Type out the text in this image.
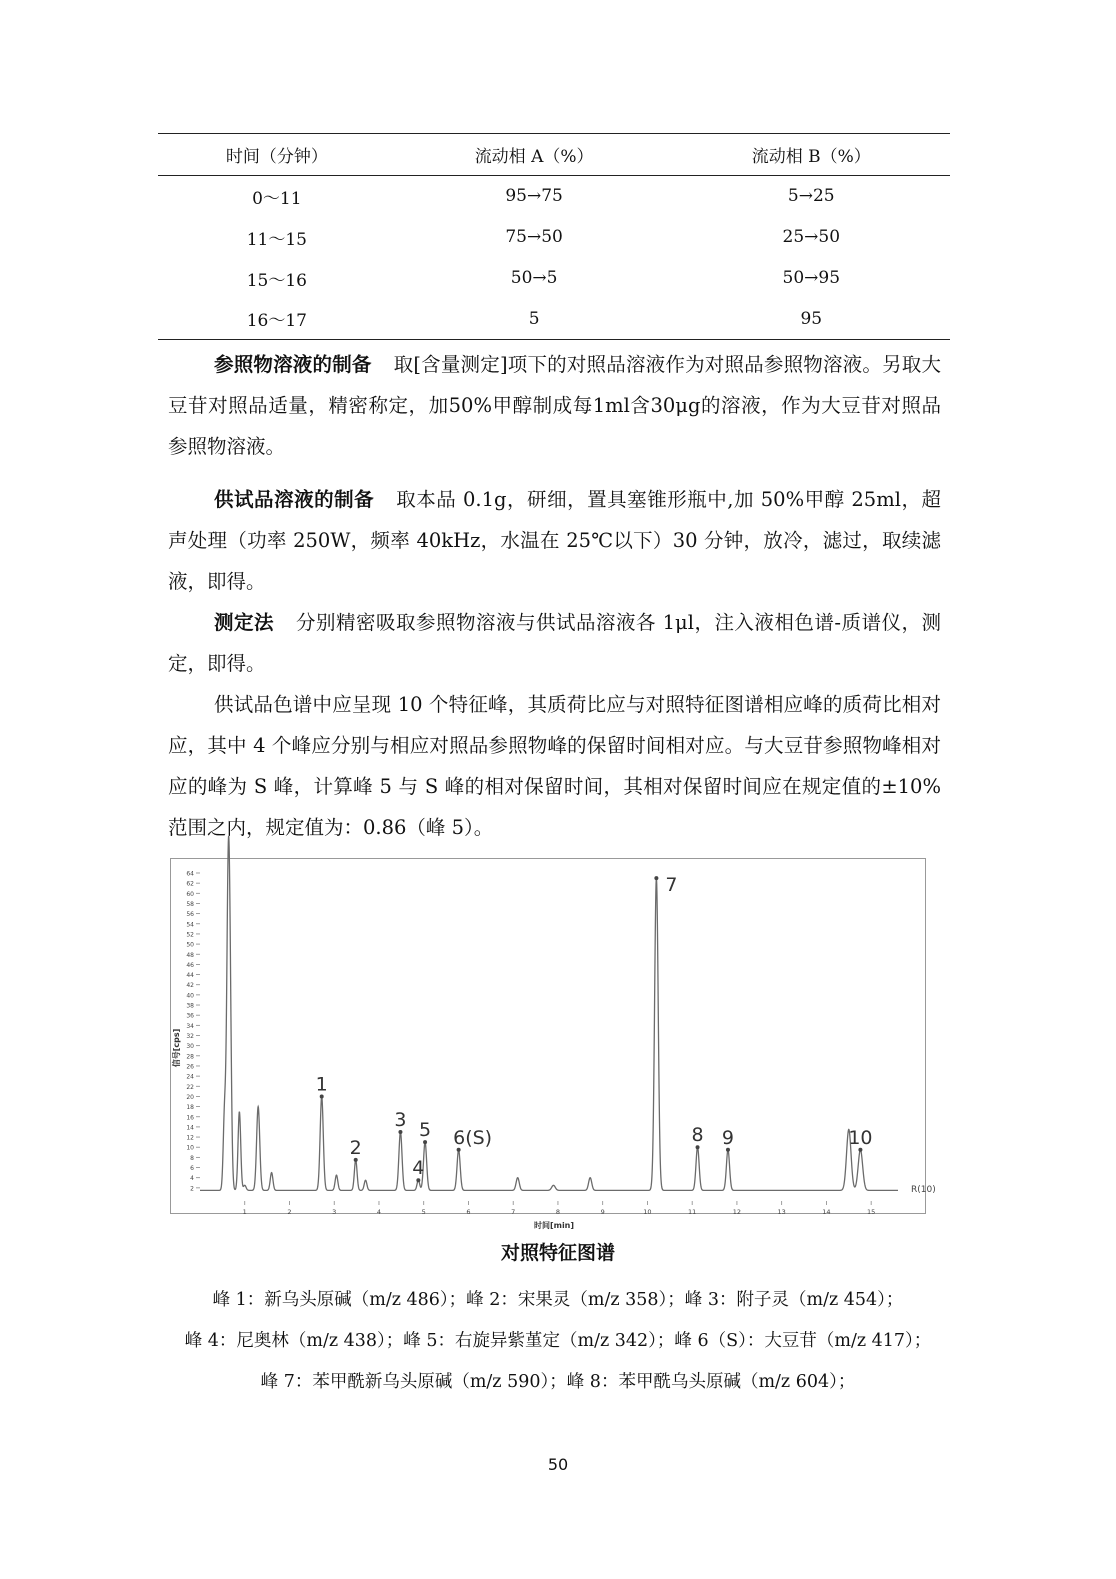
时间（分钟）	流动相 A（%）	流动相 B（%）
0～11	95→75	5→25
11～15	75→50	25→50
15～16	50→5	50→95
16～17	5	95

参照物溶液的制备 取[含量测定]项下的对照品溶液作为对照品参照物溶液。另取大豆苷对照品适量，精密称定，加50%甲醇制成每1ml含30μg的溶液，作为大豆苷对照品参照物溶液。

供试品溶液的制备 取本品 0.1g，研细，置具塞锥形瓶中,加 50%甲醇 25ml，超声处理（功率 250W，频率 40kHz，水温在 25℃以下）30 分钟，放冷，滤过，取续滤液，即得。

测定法 分别精密吸取参照物溶液与供试品溶液各 1μl，注入液相色谱-质谱仪，测定，即得。

供试品色谱中应呈现 10 个特征峰，其质荷比应与对照特征图谱相应峰的质荷比相对应，其中 4 个峰应分别与相应对照品参照物峰的保留时间相对应。与大豆苷参照物峰相对应的峰为 S 峰，计算峰 5 与 S 峰的相对保留时间，其相对保留时间应在规定值的±10%范围之内，规定值为：0.86（峰 5）。

2
4
6
8
10
12
14
16
18
20
22
24
26
28
30
32
34
36
38
40
42
44
46
48
50
52
54
56
58
60
62
64
1	2	3	4	5	6	7	8	9	10	11	12	13	14	15
1
2
3
4
5 6(S)
7
8 9	10
R(10)
时间[min]
信号[cps]
对照特征图谱
峰 1：新乌头原碱（m/z 486）；峰 2：宋果灵（m/z 358）；峰 3：附子灵（m/z 454）；
峰 4：尼奥林（m/z 438）；峰 5：右旋异紫堇定（m/z 342）；峰 6（S）：大豆苷（m/z 417）；
峰 7：苯甲酰新乌头原碱（m/z 590）；峰 8：苯甲酰乌头原碱（m/z 604）；
50
